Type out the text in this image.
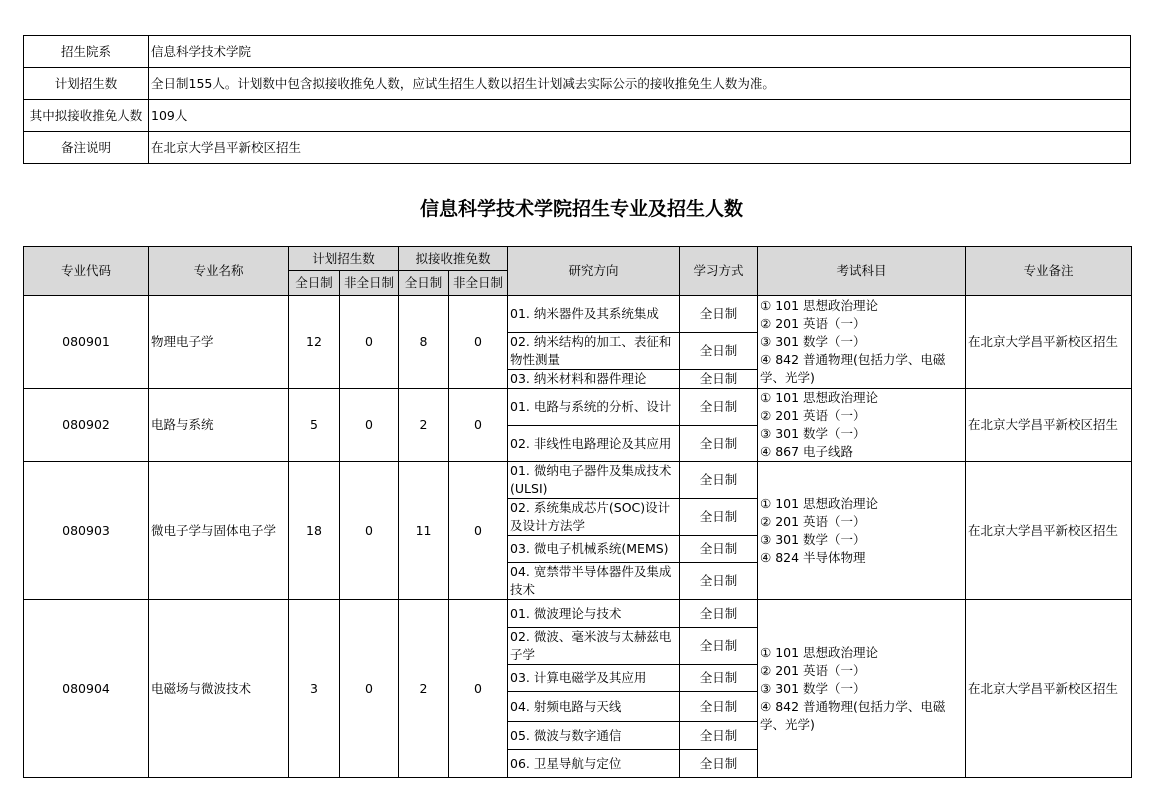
招生院系	信息科学技术学院
计划招生数	全日制155人。计划数中包含拟接收推免人数，应试生招生人数以招生计划减去实际公示的接收推免生人数为准。
其中拟接收推免人数	109人
备注说明	在北京大学昌平新校区招生
信息科学技术学院招生专业及招生人数
专业代码	专业名称	计划招生数		拟接收推免数		研究方向	学习方式	考试科目	专业备注
		全日制	非全日制	全日制	非全日制				
080901	物理电子学	12	0	8	0	01. 纳米器件及其系统集成	全日制	① 101 思想政治理论
② 201 英语（一）
③ 301 数学（一）
④ 842 普通物理(包括力学、电磁学、光学)	在北京大学昌平新校区招生
						02. 纳米结构的加工、表征和物性测量	全日制		
						03. 纳米材料和器件理论	全日制		
080902	电路与系统	5	0	2	0	01. 电路与系统的分析、设计	全日制	① 101 思想政治理论
② 201 英语（一）
③ 301 数学（一）
④ 867 电子线路	在北京大学昌平新校区招生
						02. 非线性电路理论及其应用	全日制		
080903	微电子学与固体电子学	18	0	11	0	01. 微纳电子器件及集成技术(ULSI)	全日制	① 101 思想政治理论
② 201 英语（一）
③ 301 数学（一）
④ 824 半导体物理	在北京大学昌平新校区招生
						02. 系统集成芯片(SOC)设计及设计方法学	全日制		
						03. 微电子机械系统(MEMS)	全日制		
						04. 宽禁带半导体器件及集成技术	全日制		
080904	电磁场与微波技术	3	0	2	0	01. 微波理论与技术	全日制	① 101 思想政治理论
② 201 英语（一）
③ 301 数学（一）
④ 842 普通物理(包括力学、电磁学、光学)	在北京大学昌平新校区招生
						02. 微波、毫米波与太赫兹电子学	全日制		
						03. 计算电磁学及其应用	全日制		
						04. 射频电路与天线	全日制		
						05. 微波与数字通信	全日制		
						06. 卫星导航与定位	全日制		
